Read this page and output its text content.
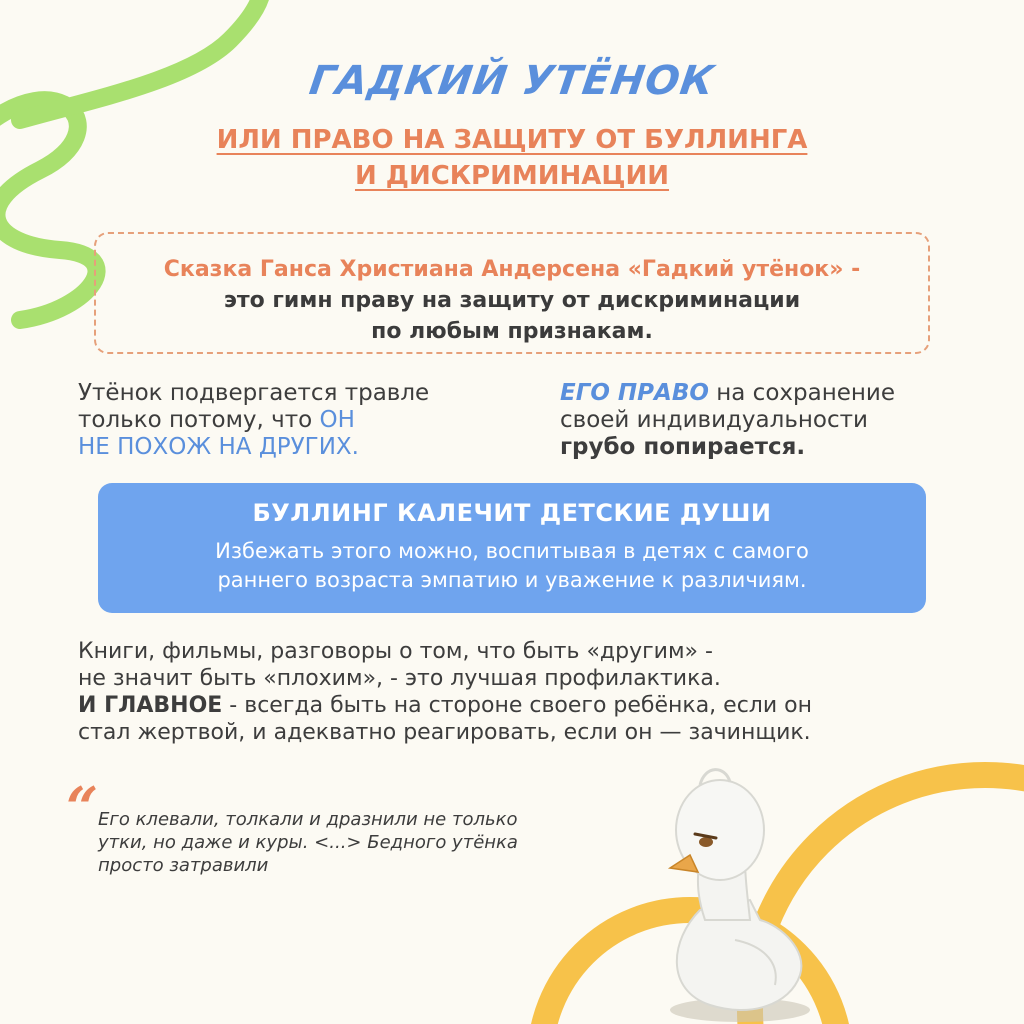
ГАДКИЙ УТЁНОК
ИЛИ ПРАВО НА ЗАЩИТУ ОТ БУЛЛИНГА
И ДИСКРИМИНАЦИИ
Сказка Ганса Христиана Андерсена «Гадкий утёнок» -
это гимн праву на защиту от дискриминации
по любым признакам.
Утёнок подвергается травле
только потому, что ОН
НЕ ПОХОЖ НА ДРУГИХ.
ЕГО ПРАВО на сохранение
своей индивидуальности
грубо попирается.
БУЛЛИНГ КАЛЕЧИТ ДЕТСКИЕ ДУШИ
Избежать этого можно, воспитывая в детях с самого
раннего возраста эмпатию и уважение к различиям.
Книги, фильмы, разговоры о том, что быть «другим» -
не значит быть «плохим», - это лучшая профилактика.
И ГЛАВНОЕ - всегда быть на стороне своего ребёнка, если он
стал жертвой, и адекватно реагировать, если он — зачинщик.
“ Его клевали, толкали и дразнили не только
утки, но даже и куры. <...> Бедного утёнка
просто затравили
